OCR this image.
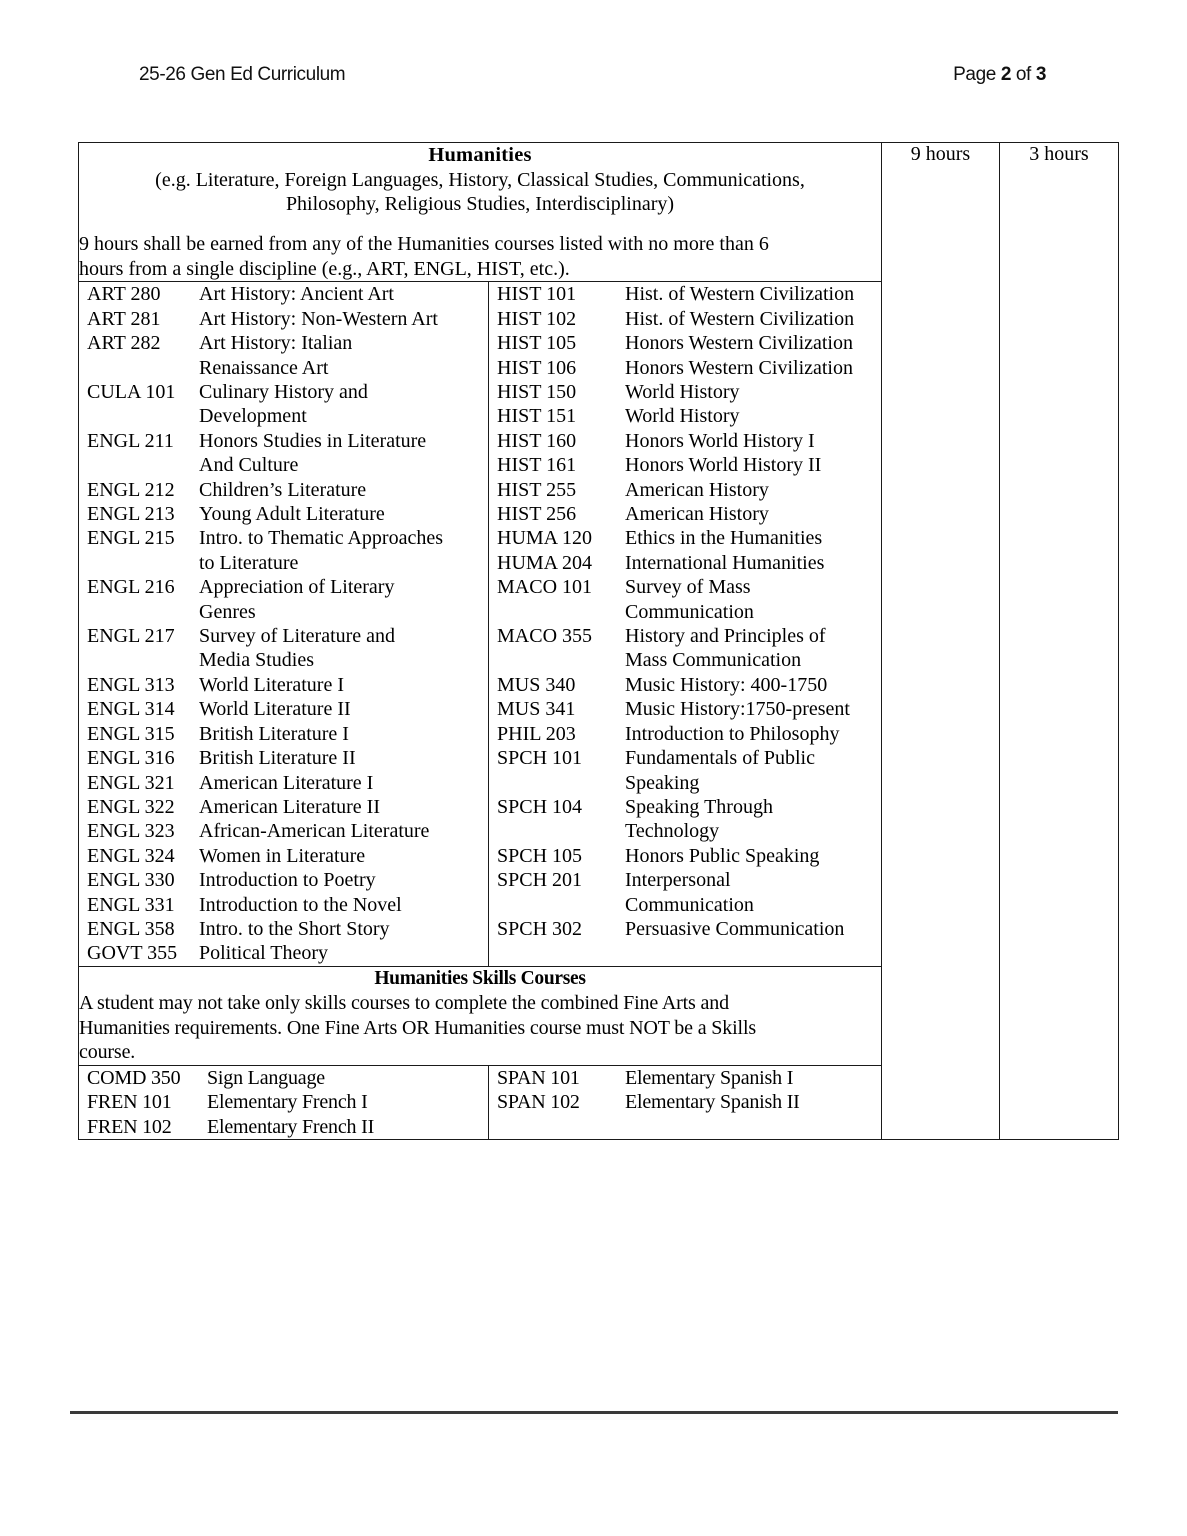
25-26 Gen Ed Curriculum	Page 2 of 3
Humanities
(e.g. Literature, Foreign Languages, History, Classical Studies, Communications,
Philosophy, Religious Studies, Interdisciplinary)
9 hours shall be earned from any of the Humanities courses listed with no more than 6
hours from a single discipline (e.g., ART, ENGL, HIST, etc.).		9 hours	3 hours

ART 280	Art History: Ancient Art
ART 281	Art History: Non-Western Art
ART 282	Art History: Italian
Renaissance Art
CULA 101	Culinary History and
Development
ENGL 211	Honors Studies in Literature
And Culture
ENGL 212	Children’s Literature
ENGL 213	Young Adult Literature
ENGL 215	Intro. to Thematic Approaches
to Literature
ENGL 216	Appreciation of Literary
Genres
ENGL 217	Survey of Literature and
Media Studies
ENGL 313	World Literature I
ENGL 314	World Literature II
ENGL 315	British Literature I
ENGL 316	British Literature II
ENGL 321	American Literature I
ENGL 322	American Literature II
ENGL 323	African-American Literature
ENGL 324	Women in Literature
ENGL 330	Introduction to Poetry
ENGL 331	Introduction to the Novel
ENGL 358	Intro. to the Short Story
GOVT 355	Political Theory

HIST 101	Hist. of Western Civilization
HIST 102	Hist. of Western Civilization
HIST 105	Honors Western Civilization
HIST 106	Honors Western Civilization
HIST 150	World History
HIST 151	World History
HIST 160	Honors World History I
HIST 161	Honors World History II
HIST 255	American History
HIST 256	American History
HUMA 120	Ethics in the Humanities
HUMA 204	International Humanities
MACO 101	Survey of Mass
Communication
MACO 355	History and Principles of
Mass Communication
MUS 340	Music History: 400-1750
MUS 341	Music History:1750-present
PHIL 203	Introduction to Philosophy
SPCH 101	Fundamentals of Public
Speaking
SPCH 104	Speaking Through
Technology
SPCH 105	Honors Public Speaking
SPCH 201	Interpersonal
Communication
SPCH 302	Persuasive Communication

Humanities Skills Courses
A student may not take only skills courses to complete the combined Fine Arts and
Humanities requirements. One Fine Arts OR Humanities course must NOT be a Skills
course.			

COMD 350	Sign Language
FREN 101	Elementary French I
FREN 102	Elementary French II

SPAN 101	Elementary Spanish I
SPAN 102	Elementary Spanish II
